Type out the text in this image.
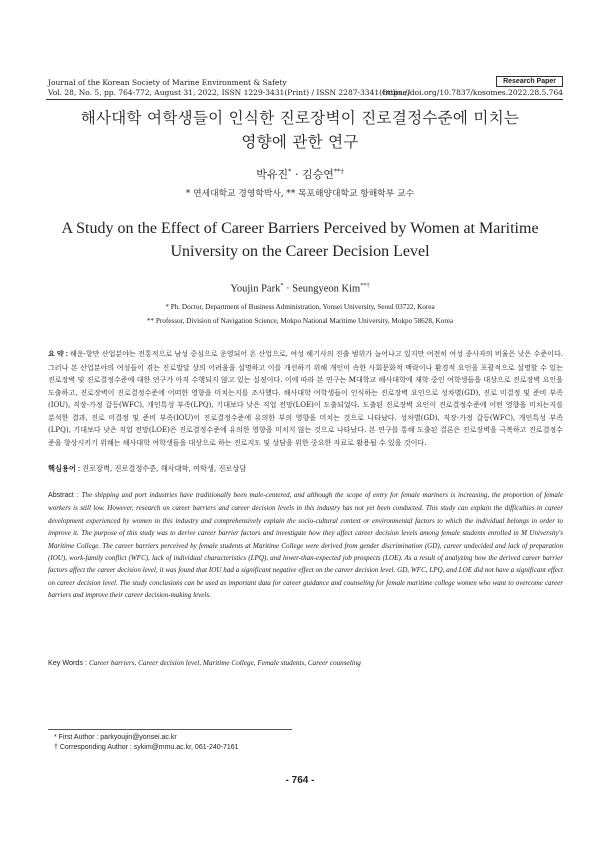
Journal of the Korean Society of Marine Environment & Safety
Vol. 28, No. 5, pp. 764-772, August 31, 2022, ISSN 1229-3431(Print) / ISSN 2287-3341(Online)
https://doi.org/10.7837/kosomes.2022.28.5.764
Research Paper
해사대학 여학생들이 인식한 진로장벽이 진로결정수준에 미치는
영향에 관한 연구
박유진* · 김승연**†
* 연세대학교 경영학박사, ** 목포해양대학교 항해학부 교수
A Study on the Effect of Career Barriers Perceived by Women at Maritime
University on the Career Decision Level
Youjin Park* · Seungyeon Kim**†
* Ph. Doctor, Department of Business Administration, Yonsei University, Seoul 03722, Korea
** Professor, Division of Navigation Science, Mokpo National Maritime University, Mokpo 58628, Korea
요 약 : 해운·항만 산업분야는 전통적으로 남성 중심으로 운영되어 온 산업으로, 여성 해기사의 진출 범위가 늘어나고 있지만 여전히 여성 종사자의 비율은 낮은 수준이다. 그러나 본 산업분야의 여성들이 겪는 진로발달 상의 어려움을 설명하고 이를 개선하기 위해 개인이 속한 사회문화적 맥락이나 환경적 요인을 포괄적으로 설명할 수 있는 진로장벽 및 진로결정수준에 대한 연구가 아직 수행되지 않고 있는 실정이다. 이에 따라 본 연구는 M대학교 해사대학에 재학 중인 여학생들을 대상으로 진로장벽 요인을 도출하고, 진로장벽이 진로결정수준에 어떠한 영향을 미치는지를 조사했다. 해사대학 여학생들이 인식하는 진로장벽 요인으로 성차별(GD), 진로 미결정 및 준비 부족(IOU), 직장-가정 갈등(WFC), 개인특성 부족(LPQ), 기대보다 낮은 직업 전망(LOE)이 도출되었다. 도출된 진로장벽 요인이 진로결정수준에 어떤 영향을 미치는지를 분석한 결과, 진로 미결정 및 준비 부족(IOU)이 진로결정수준에 유의한 부의 영향을 미치는 것으로 나타났다. 성차별(GD), 직장-가정 갈등(WFC), 개인특성 부족(LPQ), 기대보다 낮은 직업 전망(LOE)은 진로결정수준에 유의한 영향을 미치지 않는 것으로 나타났다. 본 연구를 통해 도출된 결론은 진로장벽을 극복하고 진로결정수준을 향상시키기 위해는 해사대학 여학생들을 대상으로 하는 진로지도 및 상담을 위한 중요한 자료로 활용될 수 있을 것이다.
핵심용어 : 진로장벽, 진로결정수준, 해사대학, 여학생, 진로상담
Abstract : The shipping and port industries have traditionally been male-centered, and although the scope of entry for female mariners is increasing, the proportion of female workers is still low. However, research on career barriers and career decision levels in this industry has not yet been conducted. This study can explain the difficulties in career development experienced by women in this industry and comprehensively explain the socio-cultural context or environmental factors to which the individual belongs in order to improve it. The purpose of this study was to derive career barrier factors and investigate how they affect career decision levels among female students enrolled in M University's Maritime College. The career barriers perceived by female students at Maritime College were derived from gender discrimination (GD), career undecided and lack of preparation (IOU), work-family conflict (WFC), lack of individual characteristics (LPQ), and lower-than-expected job prospects (LOE). As a result of analyzing how the derived career barrier factors affect the career decision level, it was found that IOU had a significant negative effect on the career decision level. GD, WFC, LPQ, and LOE did not have a significant effect on career decision level. The study conclusions can be used as important data for career guidance and counseling for female maritime college women who want to overcome career barriers and improve their career decision-making levels.
Key Words : Career barriers, Career decision level, Maritime College, Female students, Career counseling
* First Author : parkyoujin@yonsei.ac.kr
† Corresponding Author : sykim@mmu.ac.kr, 061-240-7161
- 764 -
